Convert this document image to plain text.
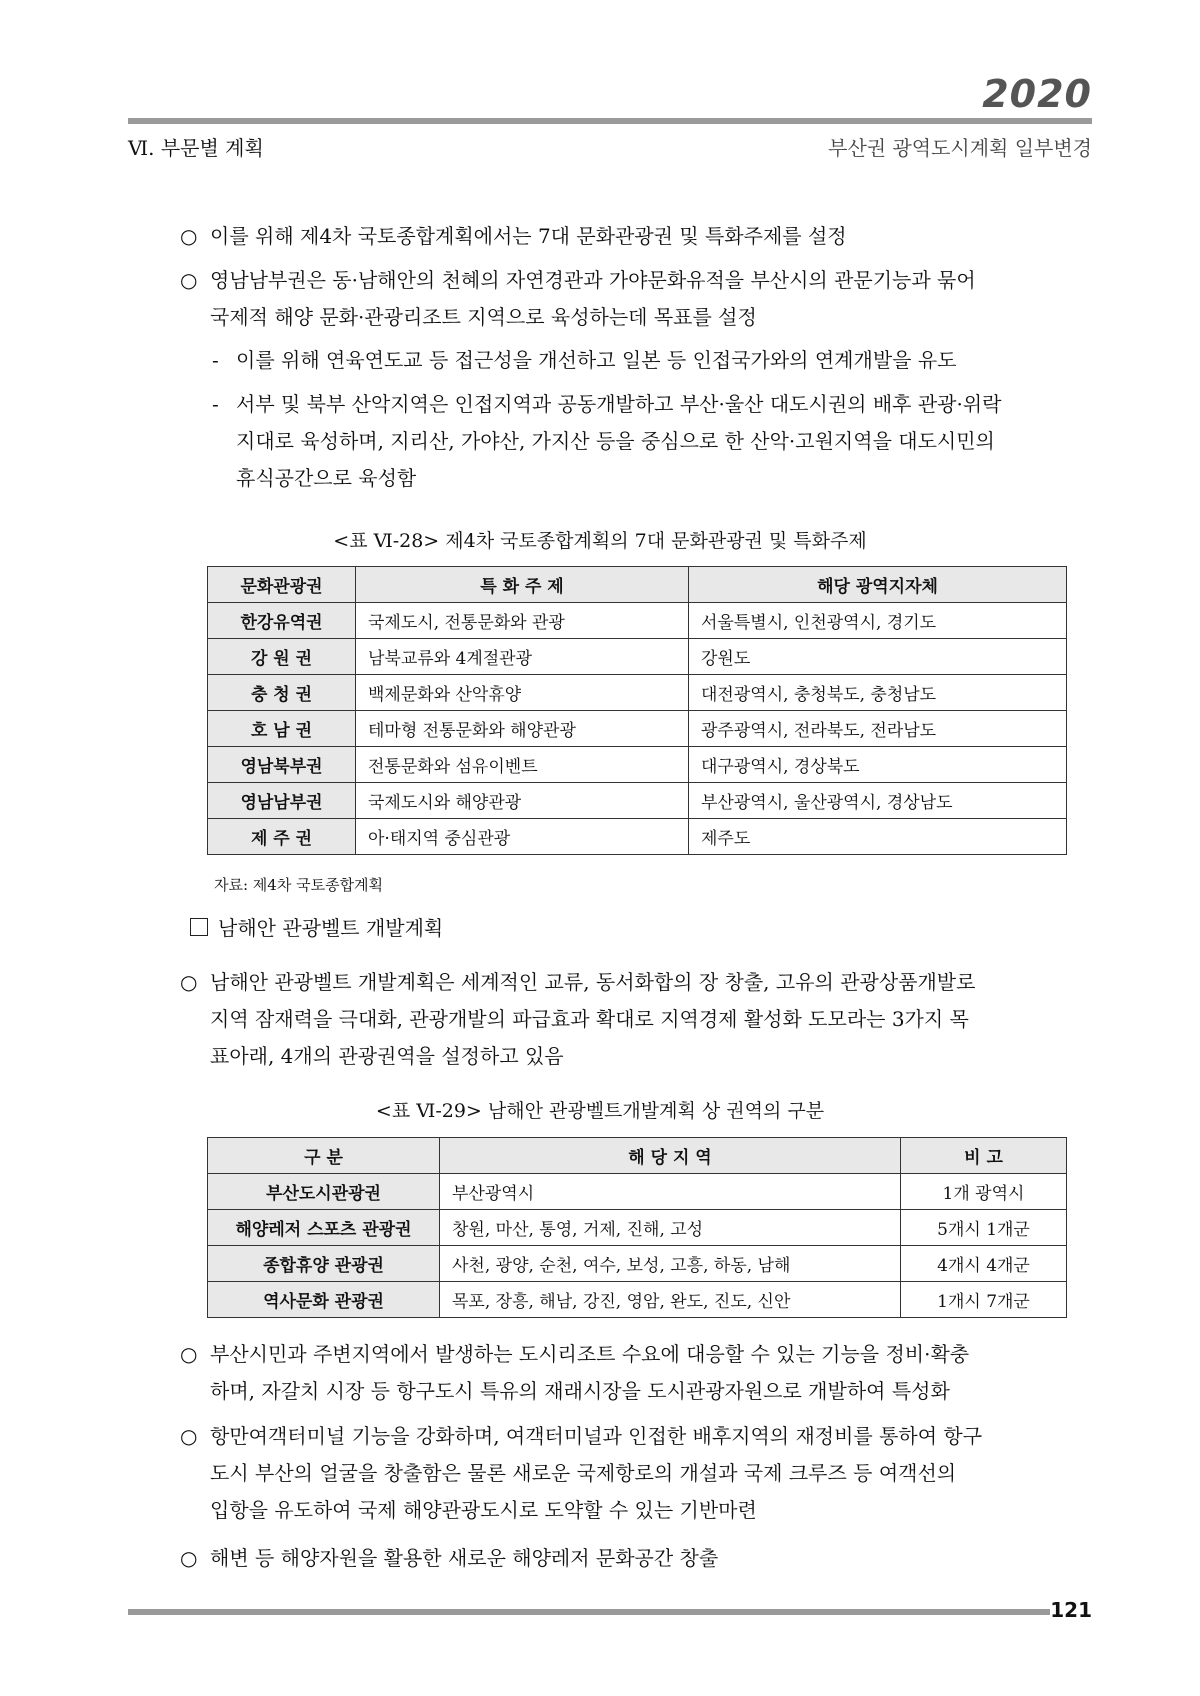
2020
Ⅵ. 부문별 계획	부산권 광역도시계획 일부변경
○ 이를 위해 제4차 국토종합계획에서는 7대 문화관광권 및 특화주제를 설정
○ 영남남부권은 동·남해안의 천혜의 자연경관과 가야문화유적을 부산시의 관문기능과 묶어
국제적 해양 문화·관광리조트 지역으로 육성하는데 목표를 설정
- 이를 위해 연육연도교 등 접근성을 개선하고 일본 등 인접국가와의 연계개발을 유도
- 서부 및 북부 산악지역은 인접지역과 공동개발하고 부산·울산 대도시권의 배후 관광·위락
지대로 육성하며, 지리산, 가야산, 가지산 등을 중심으로 한 산악·고원지역을 대도시민의
휴식공간으로 육성함
<표 Ⅵ-28> 제4차 국토종합계획의 7대 문화관광권 및 특화주제
문화관광권	특 화 주 제	해당 광역지자체
한강유역권	국제도시, 전통문화와 관광	서울특별시, 인천광역시, 경기도
강 원 권	남북교류와 4계절관광	강원도
충 청 권	백제문화와 산악휴양	대전광역시, 충청북도, 충청남도
호 남 권	테마형 전통문화와 해양관광	광주광역시, 전라북도, 전라남도
영남북부권	전통문화와 섬유이벤트	대구광역시, 경상북도
영남남부권	국제도시와 해양관광	부산광역시, 울산광역시, 경상남도
제 주 권	아·태지역 중심관광	제주도
자료: 제4차 국토종합계획
남해안 관광벨트 개발계획
○ 남해안 관광벨트 개발계획은 세계적인 교류, 동서화합의 장 창출, 고유의 관광상품개발로
지역 잠재력을 극대화, 관광개발의 파급효과 확대로 지역경제 활성화 도모라는 3가지 목
표아래, 4개의 관광권역을 설정하고 있음
<표 Ⅵ-29> 남해안 관광벨트개발계획 상 권역의 구분
구 분	해 당 지 역	비 고
부산도시관광권	부산광역시	1개 광역시
해양레저 스포츠 관광권	창원, 마산, 통영, 거제, 진해, 고성	5개시 1개군
종합휴양 관광권	사천, 광양, 순천, 여수, 보성, 고흥, 하동, 남해	4개시 4개군
역사문화 관광권	목포, 장흥, 해남, 강진, 영암, 완도, 진도, 신안	1개시 7개군
○ 부산시민과 주변지역에서 발생하는 도시리조트 수요에 대응할 수 있는 기능을 정비·확충
하며, 자갈치 시장 등 항구도시 특유의 재래시장을 도시관광자원으로 개발하여 특성화
○ 항만여객터미널 기능을 강화하며, 여객터미널과 인접한 배후지역의 재정비를 통하여 항구
도시 부산의 얼굴을 창출함은 물론 새로운 국제항로의 개설과 국제 크루즈 등 여객선의
입항을 유도하여 국제 해양관광도시로 도약할 수 있는 기반마련
○ 해변 등 해양자원을 활용한 새로운 해양레저 문화공간 창출
121
